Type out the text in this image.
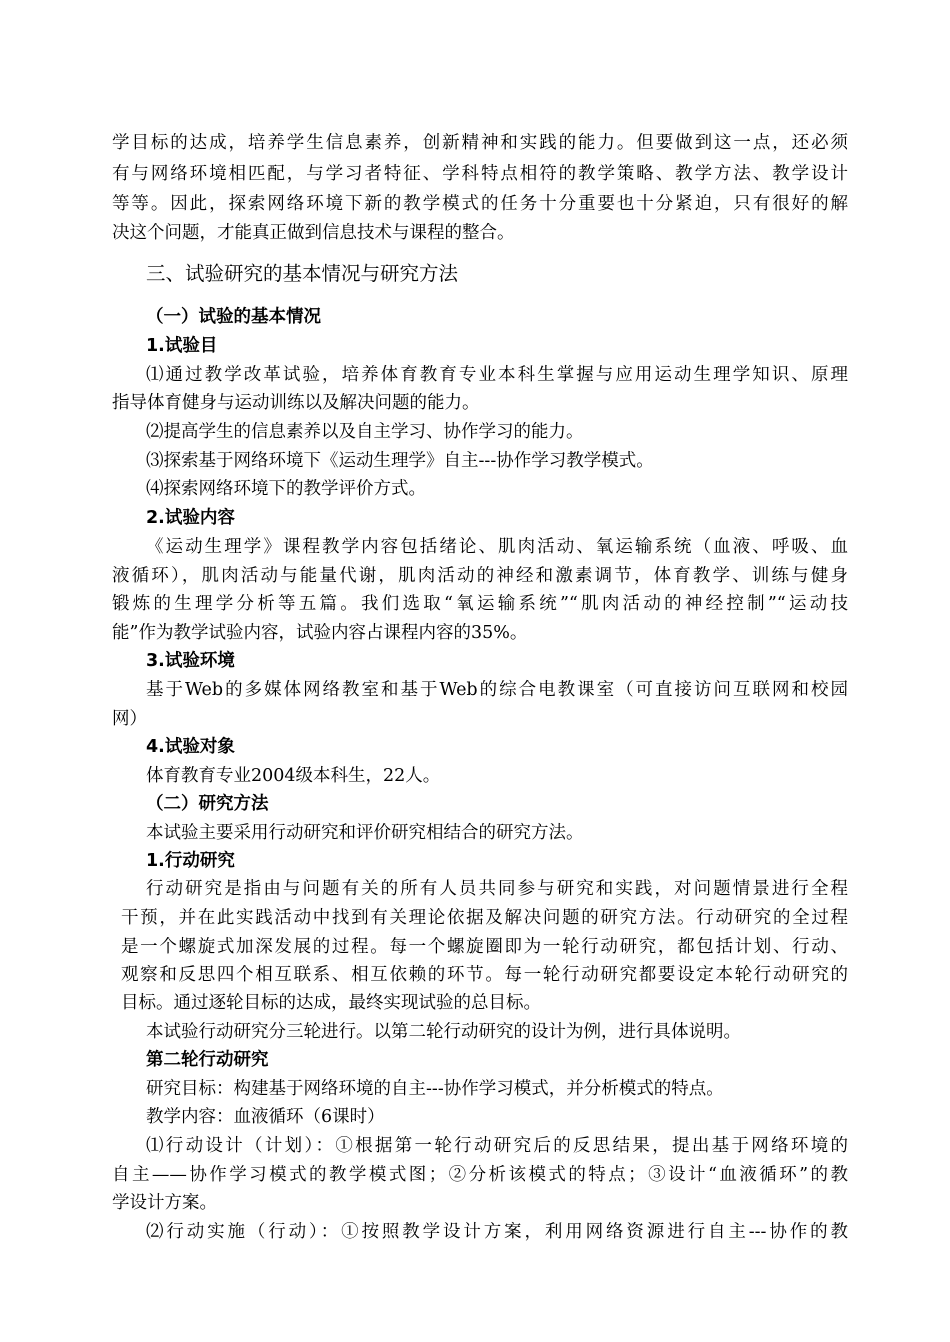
学目标的达成，培养学生信息素养，创新精神和实践的能力。但要做到这一点，还必须
有与网络环境相匹配，与学习者特征、学科特点相符的教学策略、教学方法、教学设计
等等。因此，探索网络环境下新的教学模式的任务十分重要也十分紧迫，只有很好的解
决这个问题，才能真正做到信息技术与课程的整合。
三、试验研究的基本情况与研究方法
（一）试验的基本情况
1.试验目
⑴通过教学改革试验，培养体育教育专业本科生掌握与应用运动生理学知识、原理
指导体育健身与运动训练以及解决问题的能力。
⑵提高学生的信息素养以及自主学习、协作学习的能力。
⑶探索基于网络环境下《运动生理学》自主---协作学习教学模式。
⑷探索网络环境下的教学评价方式。
2.试验内容
《运动生理学》课程教学内容包括绪论、肌肉活动、氧运输系统（血液、呼吸、血
液循环），肌肉活动与能量代谢，肌肉活动的神经和激素调节，体育教学、训练与健身
锻炼的生理学分析等五篇。我们选取“氧运输系统”“肌肉活动的神经控制”“运动技
能”作为教学试验内容，试验内容占课程内容的35%。
3.试验环境
基于Web的多媒体网络教室和基于Web的综合电教课室（可直接访问互联网和校园
网）
4.试验对象
体育教育专业2004级本科生，22人。
（二）研究方法
本试验主要采用行动研究和评价研究相结合的研究方法。
1.行动研究
行动研究是指由与问题有关的所有人员共同参与研究和实践，对问题情景进行全程
干预，并在此实践活动中找到有关理论依据及解决问题的研究方法。行动研究的全过程
是一个螺旋式加深发展的过程。每一个螺旋圈即为一轮行动研究，都包括计划、行动、
观察和反思四个相互联系、相互依赖的环节。每一轮行动研究都要设定本轮行动研究的
目标。通过逐轮目标的达成，最终实现试验的总目标。
本试验行动研究分三轮进行。以第二轮行动研究的设计为例，进行具体说明。
第二轮行动研究
研究目标：构建基于网络环境的自主---协作学习模式，并分析模式的特点。
教学内容：血液循环（6课时）
⑴行动设计（计划）：①根据第一轮行动研究后的反思结果，提出基于网络环境的
自主——协作学习模式的教学模式图；②分析该模式的特点；③设计“血液循环”的教
学设计方案。
⑵行动实施（行动）：①按照教学设计方案，利用网络资源进行自主---协作的教
